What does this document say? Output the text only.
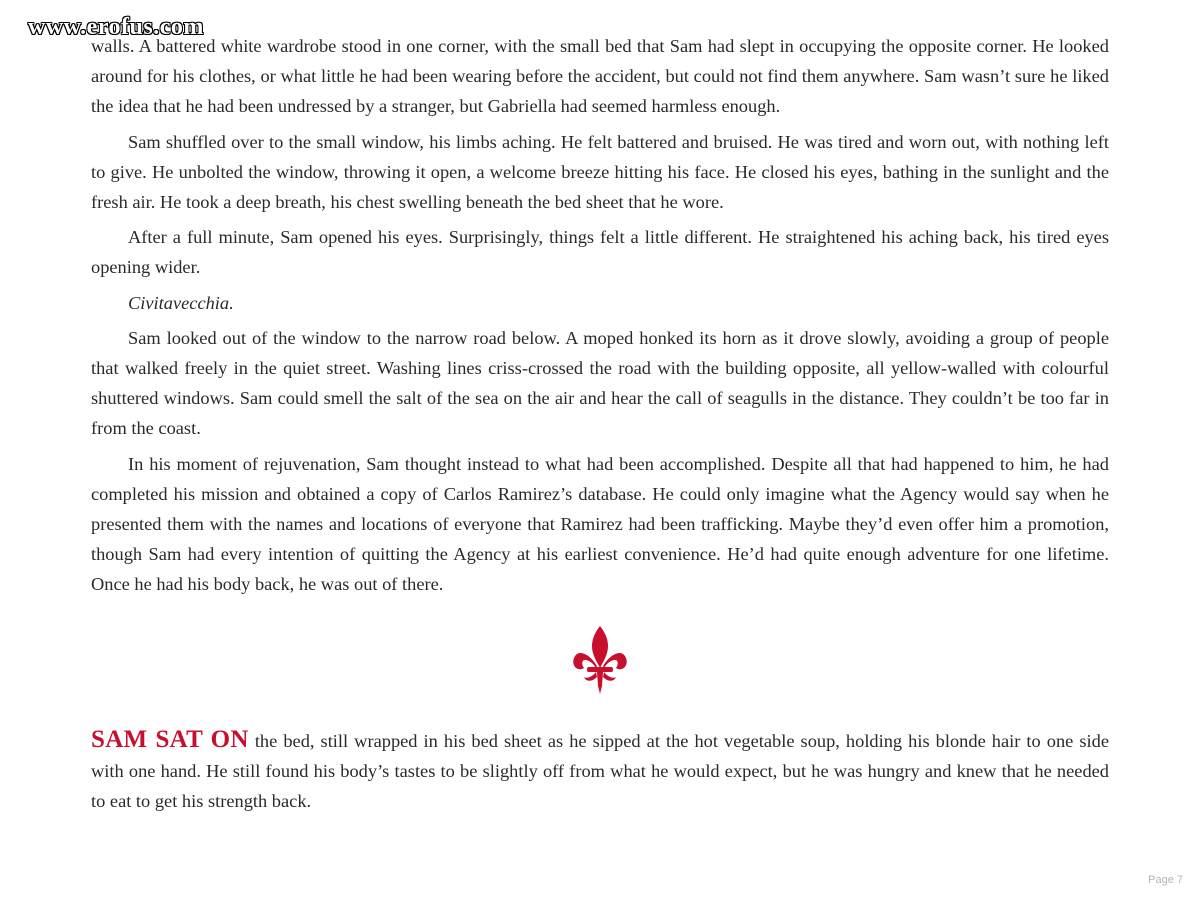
www.erofus.com

walls. A battered white wardrobe stood in one corner, with the small bed that Sam had slept in occupying the opposite corner. He looked around for his clothes, or what little he had been wearing before the accident, but could not find them anywhere. Sam wasn’t sure he liked the idea that he had been undressed by a stranger, but Gabriella had seemed harmless enough.

Sam shuffled over to the small window, his limbs aching. He felt battered and bruised. He was tired and worn out, with nothing left to give. He unbolted the window, throwing it open, a welcome breeze hitting his face. He closed his eyes, bathing in the sunlight and the fresh air. He took a deep breath, his chest swelling beneath the bed sheet that he wore.

After a full minute, Sam opened his eyes. Surprisingly, things felt a little different. He straightened his aching back, his tired eyes opening wider.

Civitavecchia.

Sam looked out of the window to the narrow road below. A moped honked its horn as it drove slowly, avoiding a group of people that walked freely in the quiet street. Washing lines criss-crossed the road with the building opposite, all yellow-walled with colourful shuttered windows. Sam could smell the salt of the sea on the air and hear the call of seagulls in the distance. They couldn’t be too far in from the coast.

In his moment of rejuvenation, Sam thought instead to what had been accomplished. Despite all that had happened to him, he had completed his mission and obtained a copy of Carlos Ramirez’s database. He could only imagine what the Agency would say when he presented them with the names and locations of everyone that Ramirez had been trafficking. Maybe they’d even offer him a promotion, though Sam had every intention of quitting the Agency at his earliest convenience. He’d had quite enough adventure for one lifetime. Once he had his body back, he was out of there.

SAM SAT ON the bed, still wrapped in his bed sheet as he sipped at the hot vegetable soup, holding his blonde hair to one side with one hand. He still found his body’s tastes to be slightly off from what he would expect, but he was hungry and knew that he needed to eat to get his strength back.

Page 7
